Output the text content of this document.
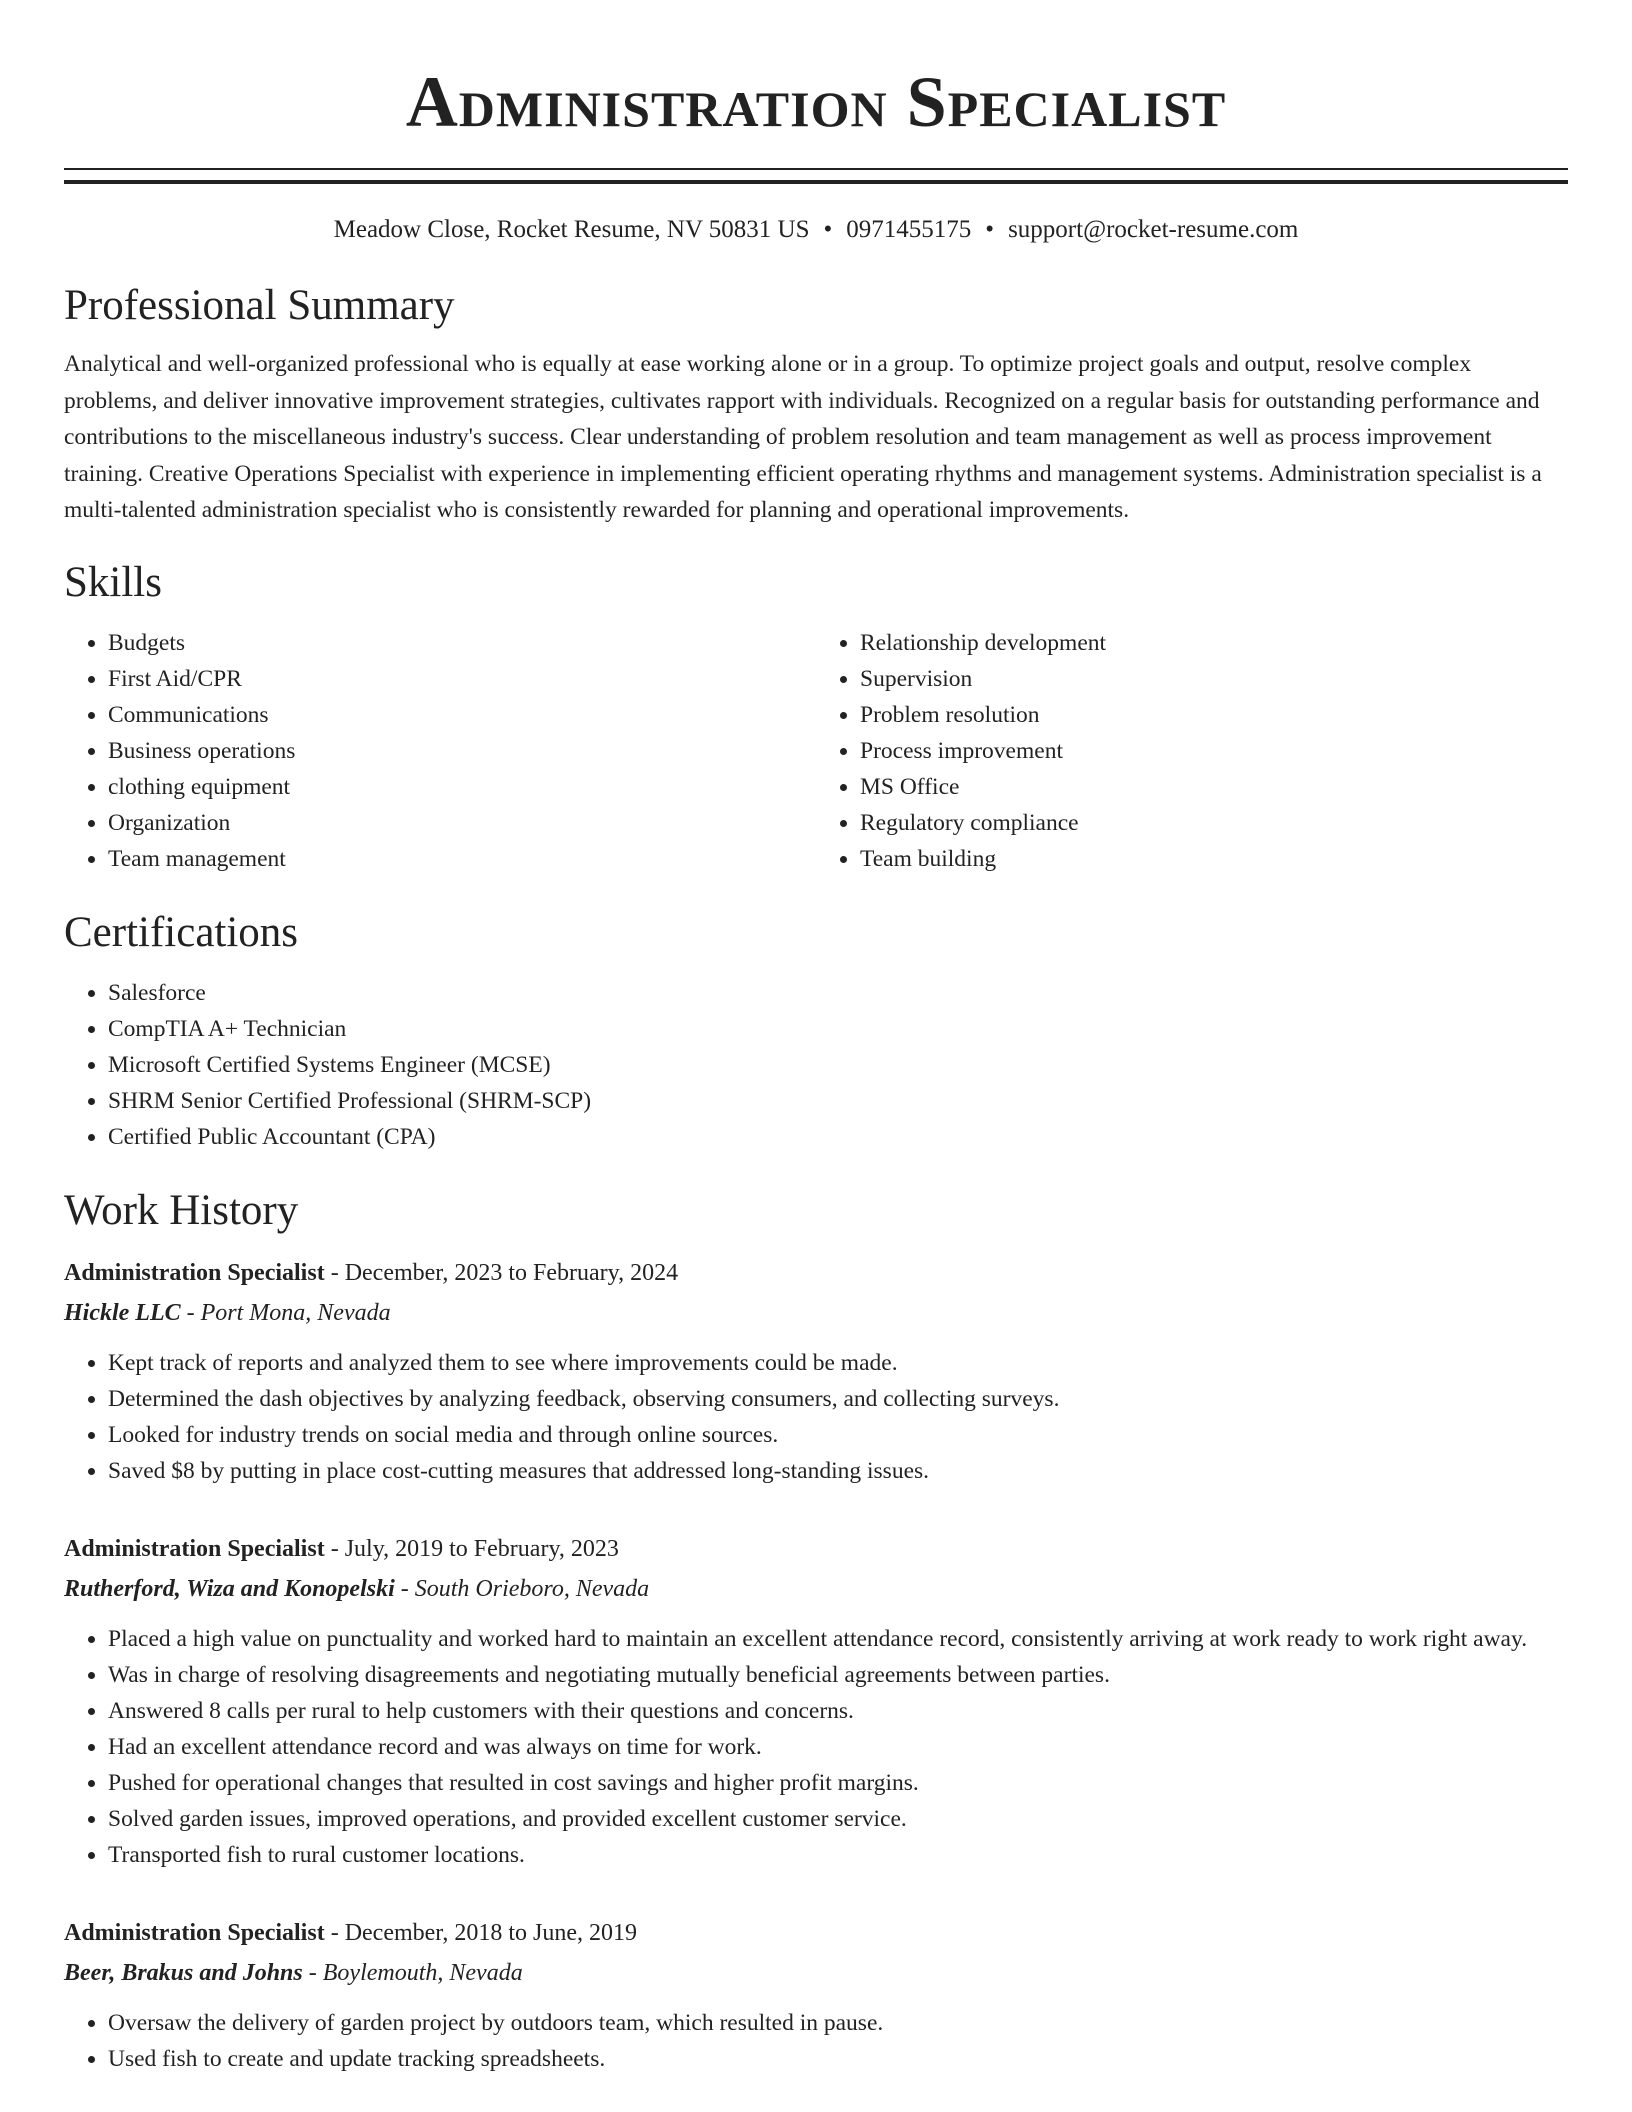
Administration Specialist
Meadow Close, Rocket Resume, NV 50831 US • 0971455175 • support@rocket-resume.com
Professional Summary

Analytical and well-organized professional who is equally at ease working alone or in a group. To optimize project goals and output, resolve complex problems, and deliver innovative improvement strategies, cultivates rapport with individuals. Recognized on a regular basis for outstanding performance and contributions to the miscellaneous industry's success. Clear understanding of problem resolution and team management as well as process improvement training. Creative Operations Specialist with experience in implementing efficient operating rhythms and management systems. Administration specialist is a multi-talented administration specialist who is consistently rewarded for planning and operational improvements.

Skills
• Budgets
• First Aid/CPR
• Communications
• Business operations
• clothing equipment
• Organization
• Team management
• Relationship development
• Supervision
• Problem resolution
• Process improvement
• MS Office
• Regulatory compliance
• Team building
Certifications
• Salesforce
• CompTIA A+ Technician
• Microsoft Certified Systems Engineer (MCSE)
• SHRM Senior Certified Professional (SHRM-SCP)
• Certified Public Accountant (CPA)
Work History
Administration Specialist - December, 2023 to February, 2024
Hickle LLC - Port Mona, Nevada
• Kept track of reports and analyzed them to see where improvements could be made.
• Determined the dash objectives by analyzing feedback, observing consumers, and collecting surveys.
• Looked for industry trends on social media and through online sources.
• Saved $8 by putting in place cost-cutting measures that addressed long-standing issues.
Administration Specialist - July, 2019 to February, 2023
Rutherford, Wiza and Konopelski - South Orieboro, Nevada
• Placed a high value on punctuality and worked hard to maintain an excellent attendance record, consistently arriving at work ready to work right away.
• Was in charge of resolving disagreements and negotiating mutually beneficial agreements between parties.
• Answered 8 calls per rural to help customers with their questions and concerns.
• Had an excellent attendance record and was always on time for work.
• Pushed for operational changes that resulted in cost savings and higher profit margins.
• Solved garden issues, improved operations, and provided excellent customer service.
• Transported fish to rural customer locations.
Administration Specialist - December, 2018 to June, 2019
Beer, Brakus and Johns - Boylemouth, Nevada
• Oversaw the delivery of garden project by outdoors team, which resulted in pause.
• Used fish to create and update tracking spreadsheets.
